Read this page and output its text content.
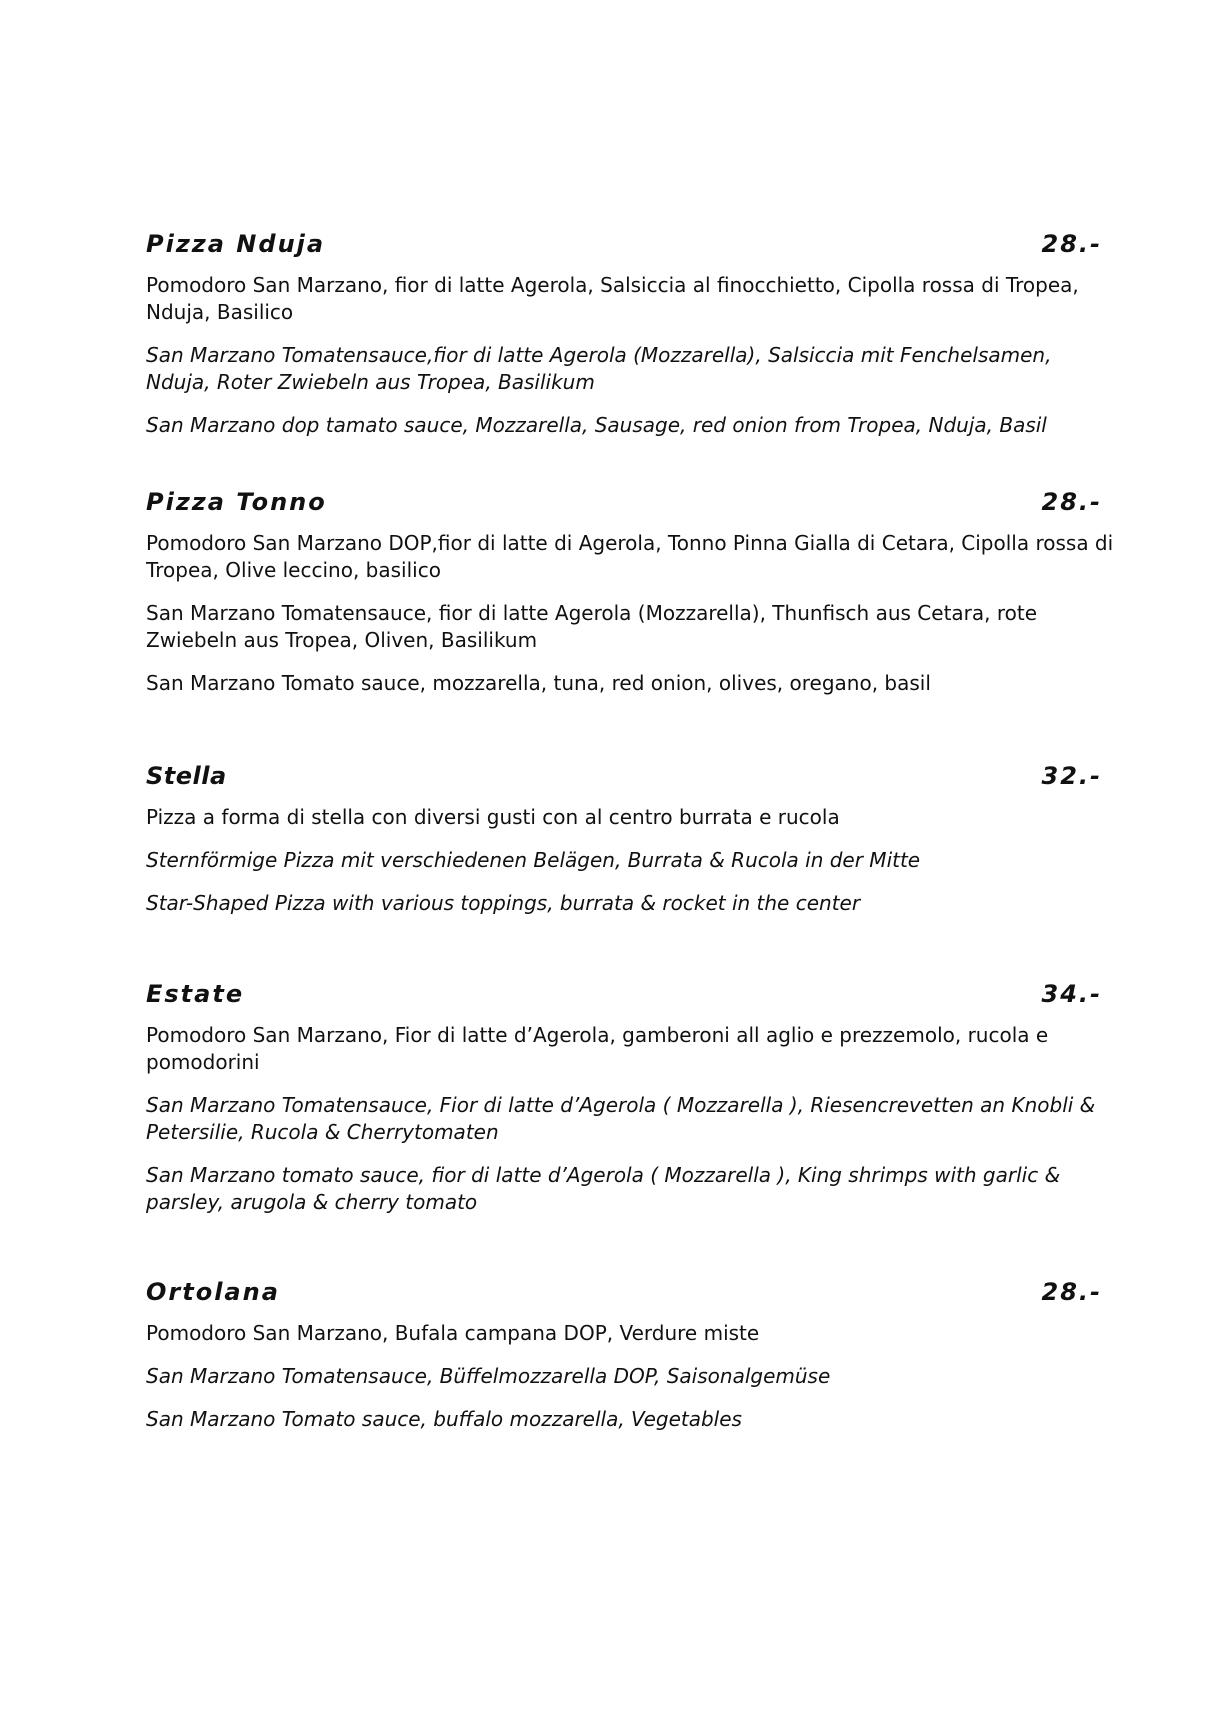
Pizza Nduja	28.-

Pomodoro San Marzano, fior di latte Agerola, Salsiccia al finocchietto, Cipolla rossa di Tropea, Nduja, Basilico

San Marzano Tomatensauce,fior di latte Agerola (Mozzarella), Salsiccia mit Fenchelsamen, Nduja, Roter Zwiebeln aus Tropea, Basilikum

San Marzano dop tamato sauce, Mozzarella, Sausage, red onion from Tropea, Nduja, Basil

Pizza Tonno	28.-

Pomodoro San Marzano DOP,fior di latte di Agerola, Tonno Pinna Gialla di Cetara, Cipolla rossa di Tropea, Olive leccino, basilico

San Marzano Tomatensauce, fior di latte Agerola (Mozzarella), Thunfisch aus Cetara, rote Zwiebeln aus Tropea, Oliven, Basilikum

San Marzano Tomato sauce, mozzarella, tuna, red onion, olives, oregano, basil

Stella	32.-

Pizza a forma di stella con diversi gusti con al centro burrata e rucola

Sternförmige Pizza mit verschiedenen Belägen, Burrata & Rucola in der Mitte

Star-Shaped Pizza with various toppings, burrata & rocket in the center

Estate	34.-

Pomodoro San Marzano, Fior di latte d’Agerola, gamberoni all aglio e prezzemolo, rucola e pomodorini

San Marzano Tomatensauce, Fior di latte d’Agerola ( Mozzarella ), Riesencrevetten an Knobli & Petersilie, Rucola & Cherrytomaten

San Marzano tomato sauce, fior di latte d’Agerola ( Mozzarella ), King shrimps with garlic & parsley, arugola & cherry tomato

Ortolana	28.-

Pomodoro San Marzano, Bufala campana DOP, Verdure miste

San Marzano Tomatensauce, Büffelmozzarella DOP, Saisonalgemüse

San Marzano Tomato sauce, buffalo mozzarella, Vegetables
